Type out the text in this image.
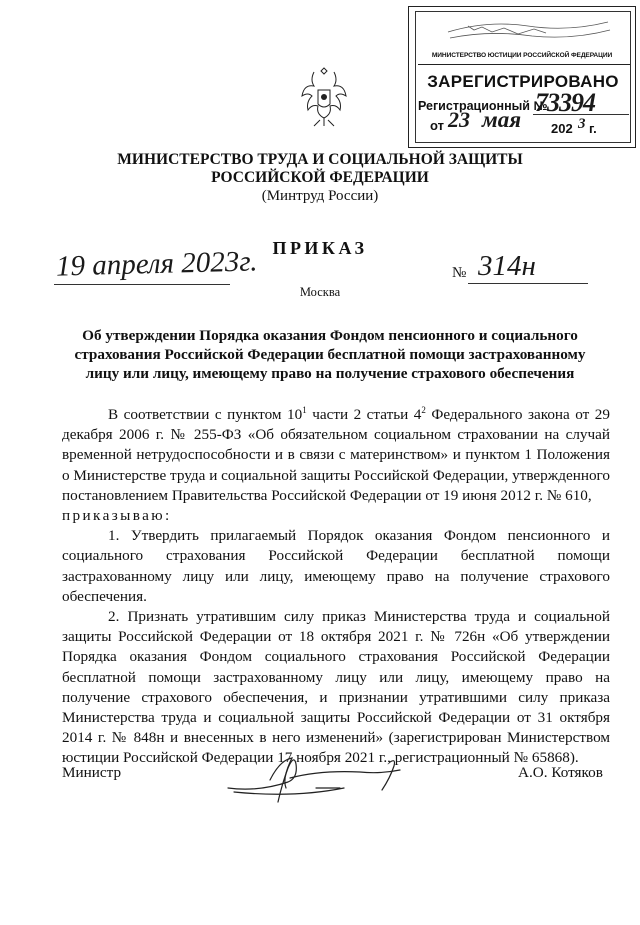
МИНИСТЕРСТВО ЮСТИЦИИ РОССИЙСКОЙ ФЕДЕРАЦИИ
ЗАРЕГИСТРИРОВАНО
Регистрационный №
73394
от 23 мая 202 3 г.
МИНИСТЕРСТВО ТРУДА И СОЦИАЛЬНОЙ ЗАЩИТЫ
РОССИЙСКОЙ ФЕДЕРАЦИИ
(Минтруд России)
ПРИКАЗ
19 апреля 2023г.	№ 314н
Москва
Об утверждении Порядка оказания Фондом пенсионного и социального страхования Российской Федерации бесплатной помощи застрахованному лицу или лицу, имеющему право на получение страхового обеспечения

В соответствии с пунктом $10^1$ части 2 статьи $4^2$ Федерального закона от 29 декабря 2006 г. № 255-ФЗ «Об обязательном социальном страховании на случай временной нетрудоспособности и в связи с материнством» и пунктом 1 Положения о Министерстве труда и социальной защиты Российской Федерации, утвержденного постановлением Правительства Российской Федерации от 19 июня 2012 г. № 610,

приказываю:

1. Утвердить прилагаемый Порядок оказания Фондом пенсионного и социального страхования Российской Федерации бесплатной помощи застрахованному лицу или лицу, имеющему право на получение страхового обеспечения.

2. Признать утратившим силу приказ Министерства труда и социальной защиты Российской Федерации от 18 октября 2021 г. № 726н «Об утверждении Порядка оказания Фондом социального страхования Российской Федерации бесплатной помощи застрахованному лицу или лицу, имеющему право на получение страхового обеспечения, и признании утратившими силу приказа Министерства труда и социальной защиты Российской Федерации от 31 октября 2014 г. № 848н и внесенных в него изменений» (зарегистрирован Министерством юстиции Российской Федерации 17 ноября 2021 г., регистрационный № 65868).

Министр	А.О. Котяков
